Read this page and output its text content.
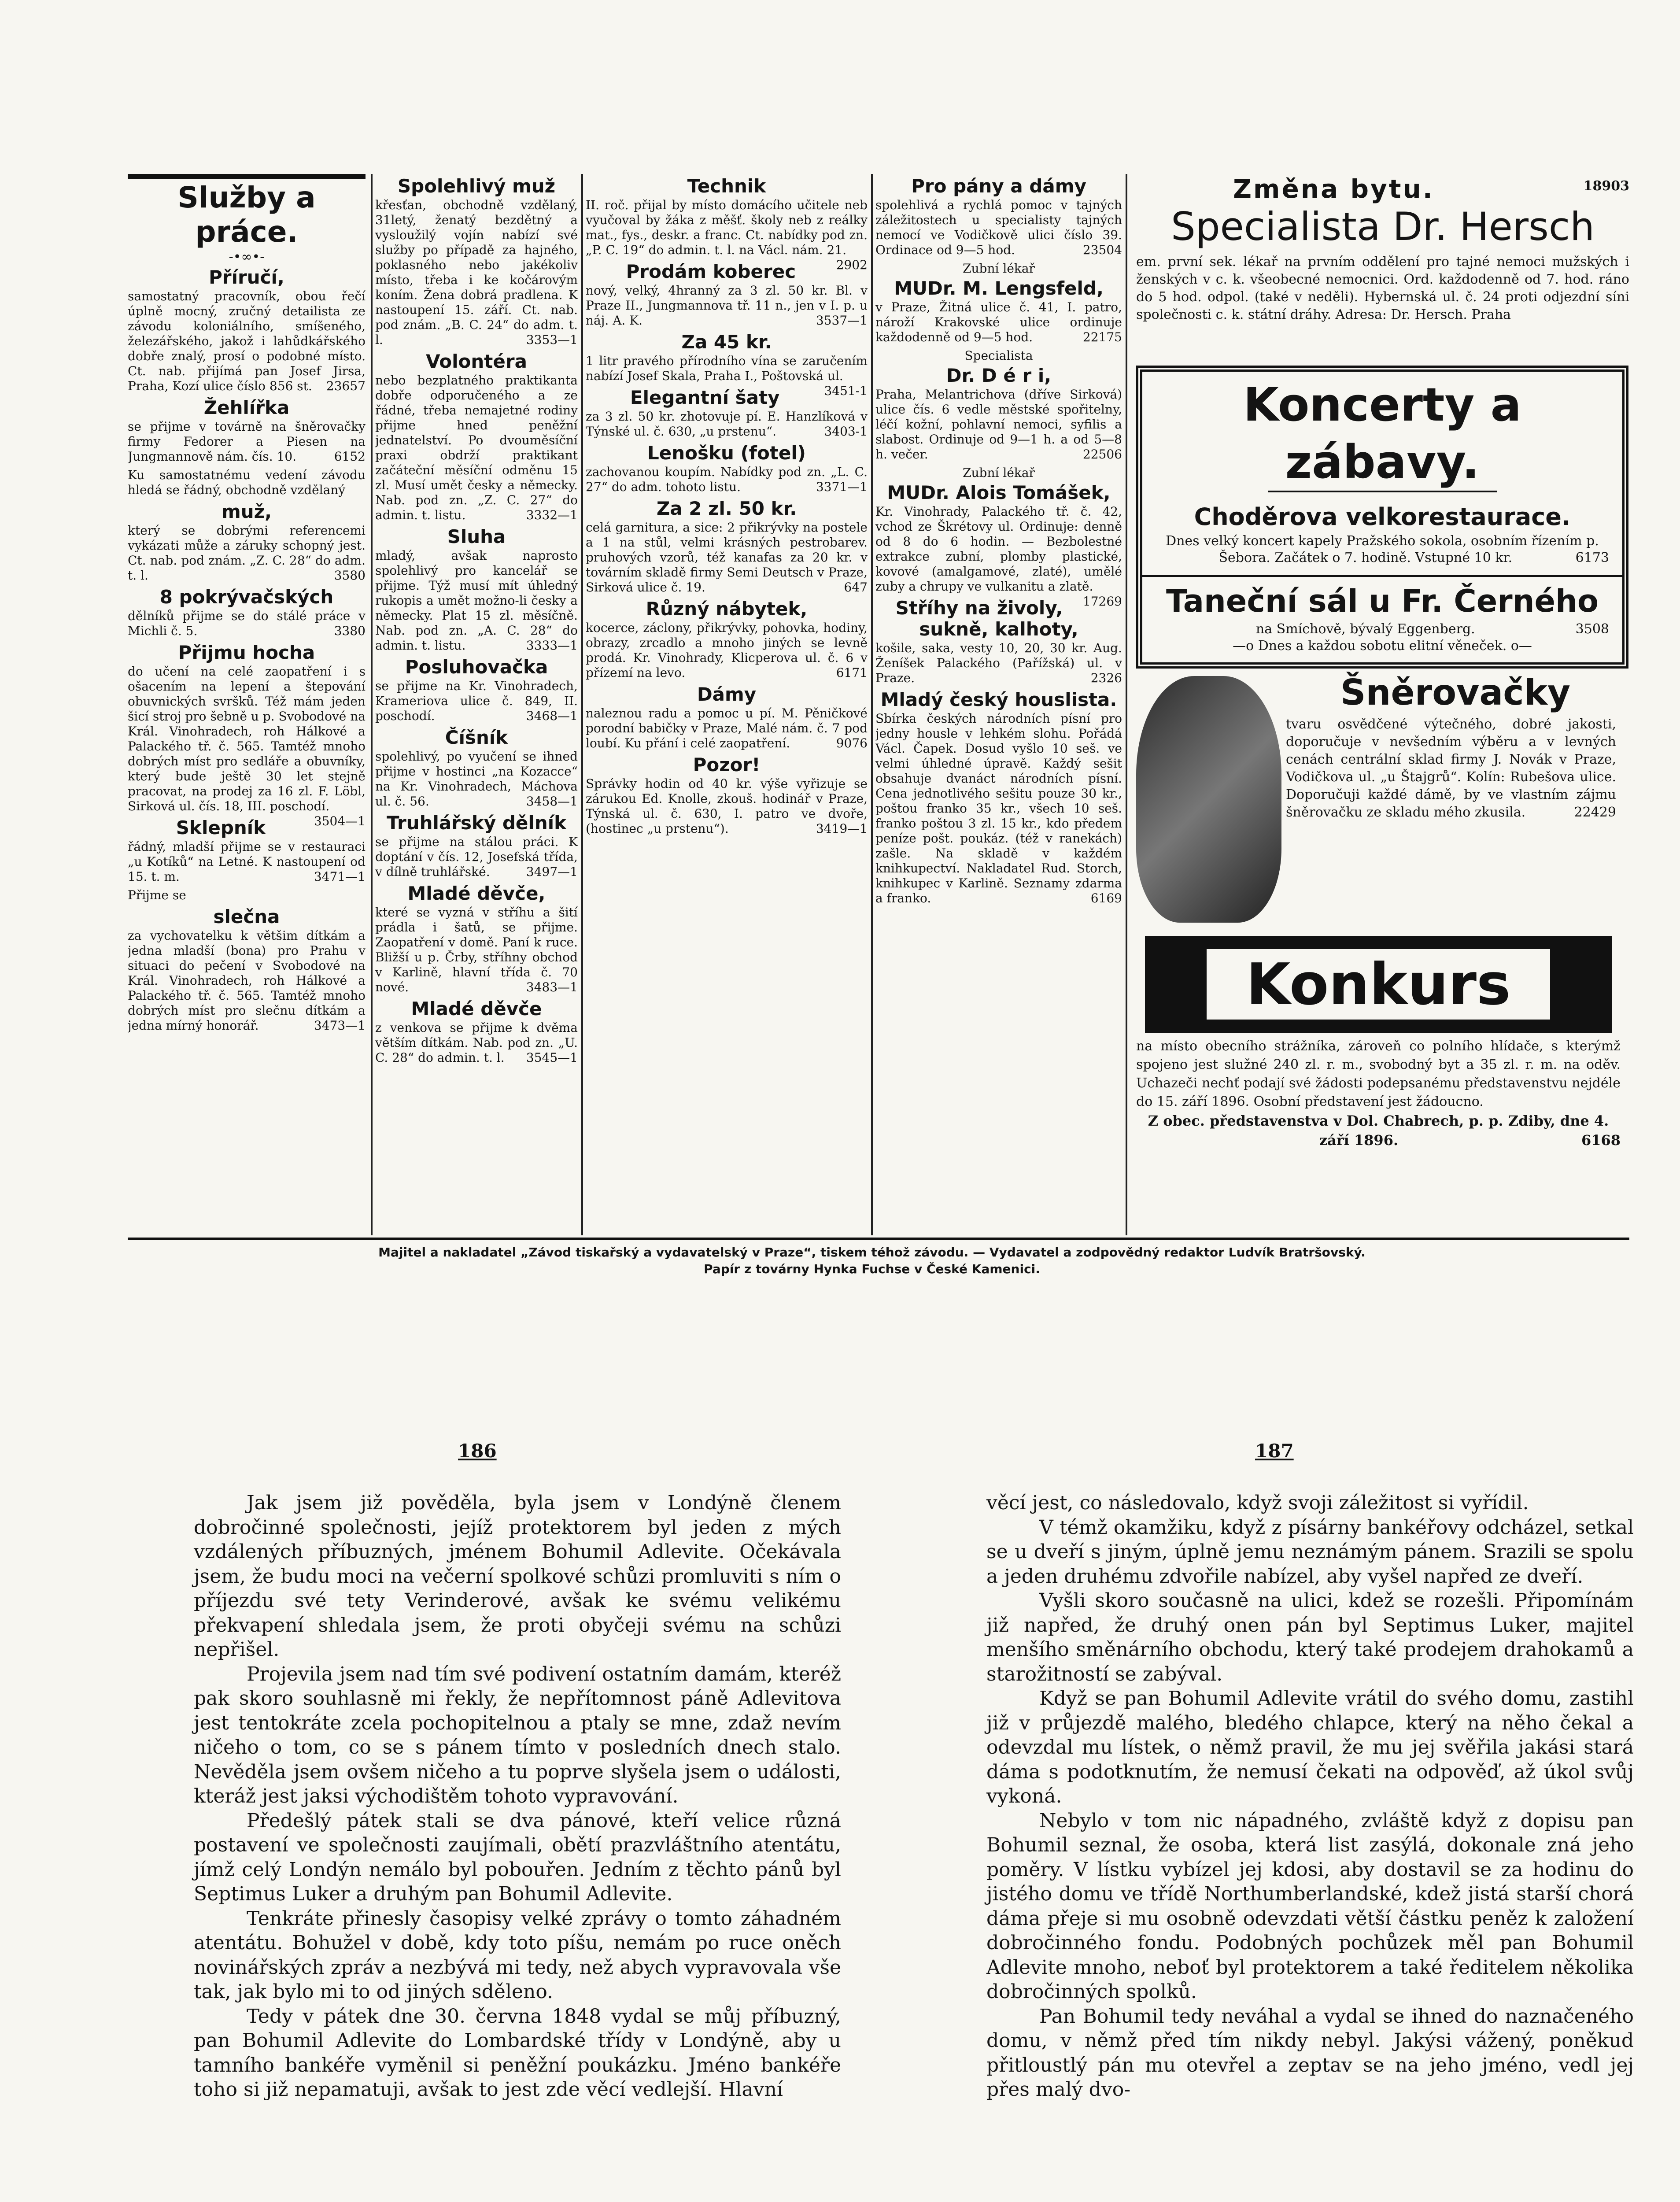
Služby a práce.
-•∞•-
Příručí,
samostatný pracovník, obou řečí úplně mocný, zručný detailista ze závodu koloniálního, smíšeného, železářského, jakož i lahůdkářského dobře znalý, prosí o podobné místo. Ct. nab. přijímá pan Josef Jirsa, Praha, Kozí ulice číslo 856 st. 23657
Žehlířka
se přijme v továrně na šněrovačky firmy Fedorer a Piesen na Jungmannově nám. čís. 10.	6152
Ku samostatnému vedení závodu hledá se řádný, obchodně vzdělaný
muž,
který se dobrými referencemi vykázati může a záruky schopný jest. Ct. nab. pod znám. „Z. C. 28“ do adm. t. l.	3580
8 pokrývačských
dělníků přijme se do stálé práce v Michli č. 5.	3380
Přijmu hocha
do učení na celé zaopatření i s ošacením na lepení a štepování obuvnických svršků. Též mám jeden šicí stroj pro šebně u p. Svobodové na Král. Vinohradech, roh Hálkové a Palackého tř. č. 565. Tamtéž mnoho dobrých míst pro sedláře a obuvníky, který bude ještě 30 let stejně pracovat, na prodej za 16 zl. F. Löbl, Sirková ul. čís. 18, III. poschodí.
3504—1
Sklepník
řádný, mladší přijme se v restauraci „u Kotíků“ na Letné. K nastoupení od 15. t. m.	3471—1
Přijme se
slečna
za vychovatelku k většim dítkám a jedna mladší (bona) pro Prahu v situaci do pečení v Svobodové na Král. Vinohradech, roh Hálkové a Palackého tř. č. 565. Tamtéž mnoho dobrých míst pro slečnu dítkám a jedna mírný honorář.	3473—1
Spolehlivý muž
křesťan, obchodně vzdělaný, 31letý, ženatý bezdětný a vysloužilý vojín nabízí své služby po případě za hajného, poklasného nebo jakékoliv místo, třeba i ke kočárovým koním. Žena dobrá pradlena. K nastoupení 15. září. Ct. nab. pod znám. „B. C. 24“ do adm. t. l.	3353—1
Volontéra
nebo bezplatného praktikanta dobře odporučeného a ze řádné, třeba nemajetné rodiny přijme hned peněžní jednatelství. Po dvouměsíční praxi obdrží praktikant začáteční měsíční odměnu 15 zl. Musí umět česky a německy. Nab. pod zn. „Z. C. 27“ do admin. t. listu.	3332—1
Sluha
mladý, avšak naprosto spolehlivý pro kancelář se přijme. Týž musí mít úhledný rukopis a umět možno-li česky a německy. Plat 15 zl. měsíčně. Nab. pod zn. „A. C. 28“ do admin. t. listu.	3333—1
Posluhovačka
se přijme na Kr. Vinohradech, Krameriova ulice č. 849, II. poschodí.	3468—1
Číšník
spolehlivý, po vyučení se ihned přijme v hostinci „na Kozacce“ na Kr. Vinohradech, Máchova ul. č. 56.	3458—1
Truhlářský dělník
se přijme na stálou práci. K doptání v čís. 12, Josefská třída, v dílně truhlářské.	3497—1
Mladé děvče,
které se vyzná v stříhu a šití prádla i šatů, se přijme. Zaopatření v domě. Paní k ruce. Bližší u p. Črby, stříhny obchod v Karlině, hlavní třída č. 70 nové.	3483—1
Mladé děvče
z venkova se přijme k dvěma větším dítkám. Nab. pod zn. „U. C. 28“ do admin. t. l. 3545—1
Technik
II. roč. přijal by místo domácího učitele neb vyučoval by žáka z měšť. školy neb z reálky mat., fys., deskr. a franc. Ct. nabídky pod zn. „P. C. 19“ do admin. t. l. na Václ. nám. 21.
2902
Prodám koberec
nový, velký, 4hranný za 3 zl. 50 kr. Bl. v Praze II., Jungmannova tř. 11 n., jen v I. p. u náj. A. K.	3537—1
Za 45 kr.
1 litr pravého přírodního vína se zaručením nabízí Josef Skala, Praha I., Poštovská ul.
3451-1
Elegantní šaty
za 3 zl. 50 kr. zhotovuje pí. E. Hanzlíková v Týnské ul. č. 630, „u prstenu“.	3403-1
Lenošku (fotel)
zachovanou koupím. Nabídky pod zn. „L. C. 27“ do adm. tohoto listu.	3371—1
Za 2 zl. 50 kr.
celá garnitura, a sice: 2 přikrývky na postele a 1 na stůl, velmi krásných pestrobarev. pruhových vzorů, též kanafas za 20 kr. v továrním skladě firmy Semi Deutsch v Praze, Sirková ulice č. 19.	647
Různý nábytek,
kocerce, záclony, přikrývky, pohovka, hodiny, obrazy, zrcadlo a mnoho jiných se levně prodá. Kr. Vinohrady, Klicperova ul. č. 6 v přízemí na levo.	6171
Dámy
naleznou radu a pomoc u pí. M. Pěničkové porodní babičky v Praze, Malé nám. č. 7 pod loubí. Ku přání i celé zaopatření.	9076
Pozor!
Správky hodin od 40 kr. výše vyřizuje se zárukou Ed. Knolle, zkouš. hodinář v Praze, Týnská ul. č. 630, I. patro ve dvoře, (hostinec „u prstenu“).	3419—1
Pro pány a dámy
spolehlivá a rychlá pomoc v tajných záležitostech u specialisty tajných nemocí ve Vodičkově ulici číslo 39. Ordinace od 9—5 hod.	23504
Zubní lékař
MUDr. M. Lengsfeld,
v Praze, Žitná ulice č. 41, I. patro, nároží Krakovské ulice ordinuje každodenně od 9—5 hod.	22175
Specialista
Dr. D é r i,
Praha, Melantrichova (dříve Sirková) ulice čís. 6 vedle městské spořitelny, léčí kožní, pohlavní nemoci, syfilis a slabost. Ordinuje od 9—1 h. a od 5—8 h. večer.	22506
Zubní lékař
MUDr. Alois Tomášek,
Kr. Vinohrady, Palackého tř. č. 42, vchod ze Škrétovy ul. Ordinuje: denně od 8 do 6 hodin. — Bezbolestné extrakce zubní, plomby plastické, kovové (amalgamové, zlaté), umělé zuby a chrupy ve vulkanitu a zlatě.
17269
Stříhy na živoly, sukně, kalhoty,
košile, saka, vesty 10, 20, 30 kr. Aug. Ženíšek Palackého (Pařížská) ul. v Praze.	2326
Mladý český houslista.
Sbírka českých národních písní pro jedny housle v lehkém slohu. Pořádá Václ. Čapek. Dosud vyšlo 10 seš. ve velmi úhledné úpravě. Každý sešit obsahuje dvanáct národních písní. Cena jednotlivého sešitu pouze 30 kr., poštou franko 35 kr., všech 10 seš. franko poštou 3 zl. 15 kr., kdo předem peníze pošt. poukáz. (též v ranekách) zašle. Na skladě v každém knihkupectví. Nakladatel Rud. Storch, knihkupec v Karlině. Seznamy zdarma a franko.	6169
Změna bytu.	18903
Specialista Dr. Hersch
em. první sek. lékař na prvním oddělení pro tajné nemoci mužských i ženských v c. k. všeobecné nemocnici. Ord. každodenně od 7. hod. ráno do 5 hod. odpol. (také v neděli). Hybernská ul. č. 24 proti odjezdní síni společnosti c. k. státní dráhy. Adresa: Dr. Hersch. Praha
Koncerty a zábavy.
Choděrova velkorestaurace.
Dnes velký koncert kapely Pražského sokola, osobním řízením p. Šebora. Začátek o 7. hodině. Vstupné 10 kr.	6173
Taneční sál u Fr. Černého
na Smíchově, bývalý Eggenberg.	3508
—o Dnes a každou sobotu elitní věneček. o—
Šněrovačky
tvaru osvědčené výtečného, dobré jakosti, doporučuje v nevšedním výběru a v levných cenách centrální sklad firmy J. Novák v Praze, Vodičkova ul. „u Štajgrů“. Kolín: Rubešova ulice. Doporučuji každé dámě, by ve vlastním zájmu šněrovačku ze skladu mého zkusila.	22429
Konkurs
na místo obecního strážníka, zároveň co polního hlídače, s kterýmž spojeno jest služné 240 zl. r. m., svobodný byt a 35 zl. r. m. na oděv. Uchazeči nechť podají své žádosti podepsanému představenstvu nejdéle do 15. září 1896. Osobní představení jest žádoucno.
Z obec. představenstva v Dol. Chabrech, p. p. Zdiby, dne 4. září 1896.	6168
Majitel a nakladatel „Závod tiskařský a vydavatelský v Praze“, tiskem téhož závodu. — Vydavatel a zodpovědný redaktor Ludvík Bratršovský.
Papír z továrny Hynka Fuchse v České Kamenici.
186	187

Jak jsem již pověděla, byla jsem v Londýně členem dobročinné společnosti, jejíž protektorem byl jeden z mých vzdálených příbuzných, jménem Bohumil Adlevite. Očekávala jsem, že budu moci na večerní spolkové schůzi promluviti s ním o příjezdu své tety Verinderové, avšak ke svému velikému překvapení shledala jsem, že proti obyčeji svému na schůzi nepřišel.

Projevila jsem nad tím své podivení ostatním damám, kteréž pak skoro souhlasně mi řekly, že nepřítomnost páně Adlevitova jest tentokráte zcela pochopitelnou a ptaly se mne, zdaž nevím ničeho o tom, co se s pánem tímto v posledních dnech stalo. Nevěděla jsem ovšem ničeho a tu poprve slyšela jsem o události, kteráž jest jaksi východištěm tohoto vypravování.

Předešlý pátek stali se dva pánové, kteří velice různá postavení ve společnosti zaujímali, obětí prazvláštního atentátu, jímž celý Londýn nemálo byl pobouřen. Jedním z těchto pánů byl Septimus Luker a druhým pan Bohumil Adlevite.

Tenkráte přinesly časopisy velké zprávy o tomto záhadném atentátu. Bohužel v době, kdy toto píšu, nemám po ruce oněch novinářských zpráv a nezbývá mi tedy, než abych vypravovala vše tak, jak bylo mi to od jiných sděleno.

Tedy v pátek dne 30. června 1848 vydal se můj příbuzný, pan Bohumil Adlevite do Lombardské třídy v Londýně, aby u tamního bankéře vyměnil si peněžní poukázku. Jméno bankéře toho si již nepamatuji, avšak to jest zde věcí vedlejší. Hlavní

věcí jest, co následovalo, když svoji záležitost si vyřídil.

V témž okamžiku, když z písárny bankéřovy odcházel, setkal se u dveří s jiným, úplně jemu neznámým pánem. Srazili se spolu a jeden druhému zdvořile nabízel, aby vyšel napřed ze dveří.

Vyšli skoro současně na ulici, kdež se rozešli. Připomínám již napřed, že druhý onen pán byl Septimus Luker, majitel menšího směnárního obchodu, který také prodejem drahokamů a starožitností se zabýval.

Když se pan Bohumil Adlevite vrátil do svého domu, zastihl již v průjezdě malého, bledého chlapce, který na něho čekal a odevzdal mu lístek, o němž pravil, že mu jej svěřila jakási stará dáma s podotknutím, že nemusí čekati na odpověď, až úkol svůj vykoná.

Nebylo v tom nic nápadného, zvláště když z dopisu pan Bohumil seznal, že osoba, která list zasýlá, dokonale zná jeho poměry. V lístku vybízel jej kdosi, aby dostavil se za hodinu do jistého domu ve třídě Northumberlandské, kdež jistá starší chorá dáma přeje si mu osobně odevzdati větší částku peněz k založení dobročinného fondu. Podobných pochůzek měl pan Bohumil Adlevite mnoho, neboť byl protektorem a také ředitelem několika dobročinných spolků.

Pan Bohumil tedy neváhal a vydal se ihned do naznačeného domu, v němž před tím nikdy nebyl. Jakýsi vážený, poněkud přitloustlý pán mu otevřel a zeptav se na jeho jméno, vedl jej přes malý dvo-
